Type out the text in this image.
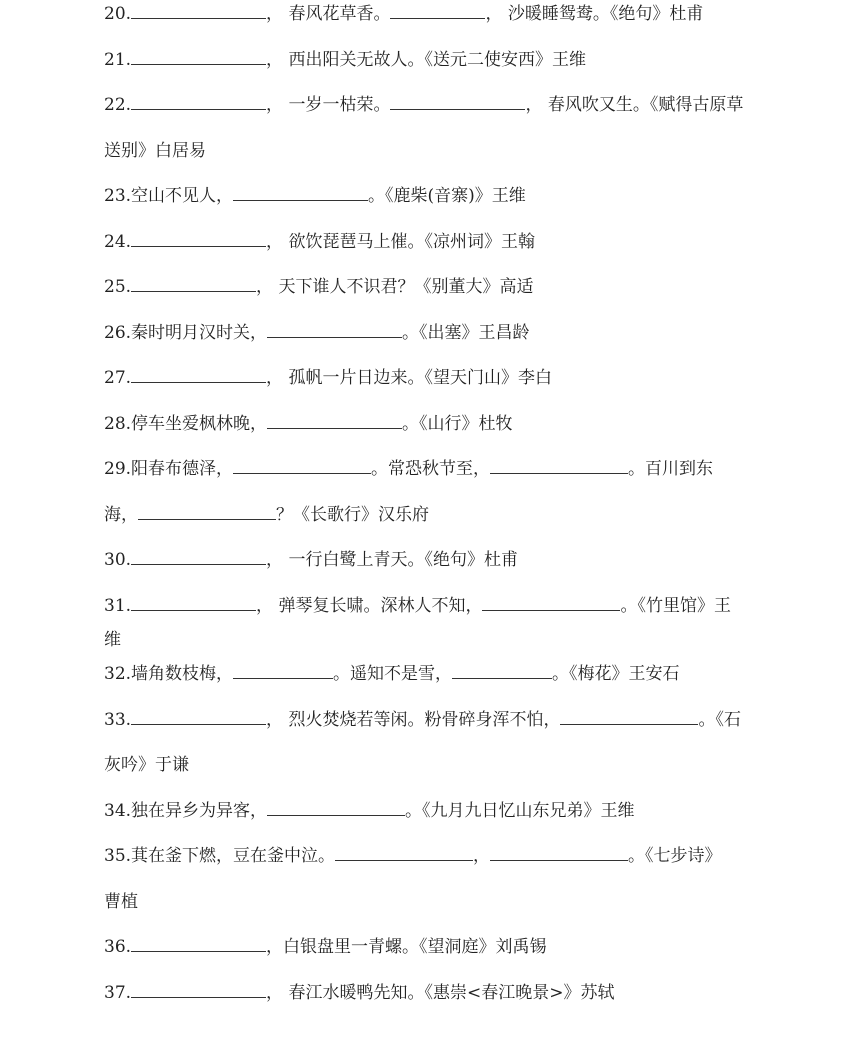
20.	， 春风花草香。	， 沙暖睡鸳鸯。《绝句》杜甫
21.	， 西出阳关无故人。《送元二使安西》王维
22.	， 一岁一枯荣。	， 春风吹又生。《赋得古原草
送别》白居易
23.空山不见人，	。《鹿柴(音寨)》王维
24.	， 欲饮琵琶马上催。《凉州词》王翰
25.	， 天下谁人不识君？《别董大》高适
26.秦时明月汉时关，	。《出塞》王昌龄
27.	， 孤帆一片日边来。《望天门山》李白
28.停车坐爱枫林晚，	。《山行》杜牧
29.阳春布德泽，	。常恐秋节至，	。百川到东
海，	？《长歌行》汉乐府
30.	， 一行白鹭上青天。《绝句》杜甫
31.	， 弹琴复长啸。深林人不知，	。《竹里馆》王
维
32.墙角数枝梅，	。遥知不是雪，	。《梅花》王安石
33.	， 烈火焚烧若等闲。粉骨碎身浑不怕，	。《石
灰吟》于谦
34.独在异乡为异客，	。《九月九日忆山东兄弟》王维
35.萁在釜下燃，豆在釜中泣。	，	。《七步诗》
曹植
36.	，白银盘里一青螺。《望洞庭》刘禹锡
37.	， 春江水暖鸭先知。《惠崇<春江晚景>》苏轼
